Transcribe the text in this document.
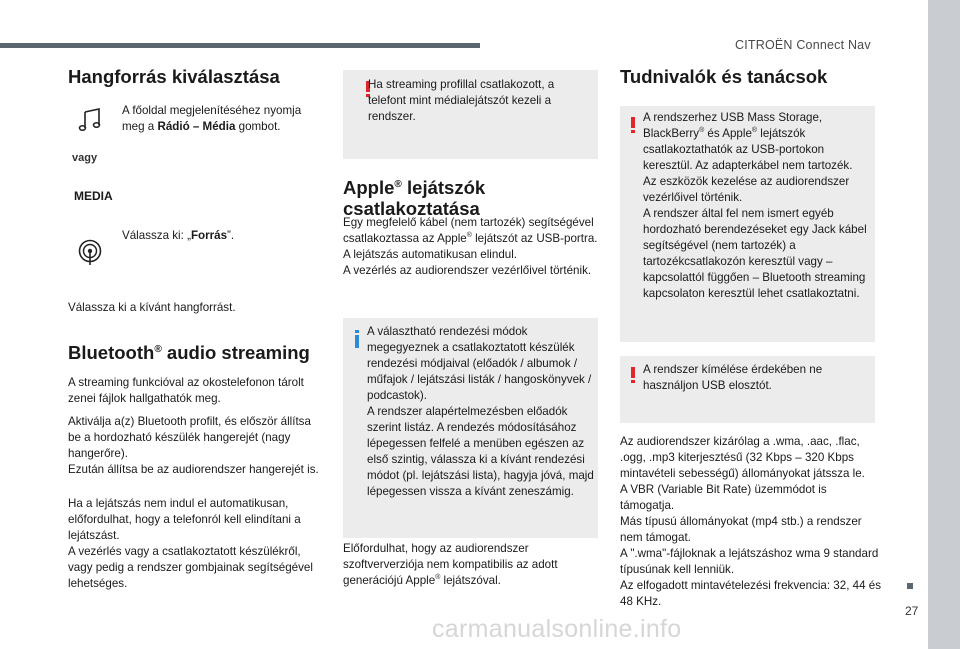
CITROËN Connect Nav
27
Hangforrás kiválasztása

A főoldal megjelenítéséhez nyomja meg a Rádió – Média gombot.

vagy
MEDIA

Válassza ki: „Forrás”.

Válassza ki a kívánt hangforrást.

Bluetooth® audio streaming

A streaming funkcióval az okostelefonon tárolt zenei fájlok hallgathatók meg.

Aktiválja a(z) Bluetooth profilt, és először állítsa be a hordozható készülék hangerejét (nagy hangerőre).
Ezután állítsa be az audiorendszer hangerejét is.

Ha a lejátszás nem indul el automatikusan, előfordulhat, hogy a telefonról kell elindítani a lejátszást.
A vezérlés vagy a csatlakoztatott készülékről, vagy pedig a rendszer gombjainak segítségével lehetséges.

Ha streaming profillal csatlakozott, a telefont mint médialejátszót kezeli a rendszer.
Apple® lejátszók
csatlakoztatása

Egy megfelelő kábel (nem tartozék) segítségével csatlakoztassa az Apple® lejátszót az USB-portra.
A lejátszás automatikusan elindul.
A vezérlés az audiorendszer vezérlőivel történik.

A választható rendezési módok megegyeznek a csatlakoztatott készülék rendezési módjaival (előadók / albumok / műfajok / lejátszási listák / hangoskönyvek / podcastok).
A rendszer alapértelmezésben előadók szerint listáz. A rendezés módosításához lépegessen felfelé a menüben egészen az első szintig, válassza ki a kívánt rendezési módot (pl. lejátszási lista), hagyja jóvá, majd lépegessen vissza a kívánt zeneszámig.

Előfordulhat, hogy az audiorendszer szoftververziója nem kompatibilis az adott generációjú Apple® lejátszóval.

Tudnivalók és tanácsok
A rendszerhez USB Mass Storage, BlackBerry® és Apple® lejátszók csatlakoztathatók az USB-portokon keresztül. Az adapterkábel nem tartozék.
Az eszközök kezelése az audiorendszer vezérlőivel történik.
A rendszer által fel nem ismert egyéb hordozható berendezéseket egy Jack kábel segítségével (nem tartozék) a tartozékcsatlakozón keresztül vagy – kapcsolattól függően – Bluetooth streaming kapcsolaton keresztül lehet csatlakoztatni.
A rendszer kímélése érdekében ne használjon USB elosztót.

Az audiorendszer kizárólag a .wma, .aac, .flac, .ogg, .mp3 kiterjesztésű (32 Kbps – 320 Kbps mintavételi sebességű) állományokat játssza le.
A VBR (Variable Bit Rate) üzemmódot is támogatja.
Más típusú állományokat (mp4 stb.) a rendszer nem támogat.
A ".wma"-fájloknak a lejátszáshoz wma 9 standard típusúnak kell lenniük.
Az elfogadott mintavételezési frekvencia: 32, 44 és 48 KHz.

carmanualsonline.info
